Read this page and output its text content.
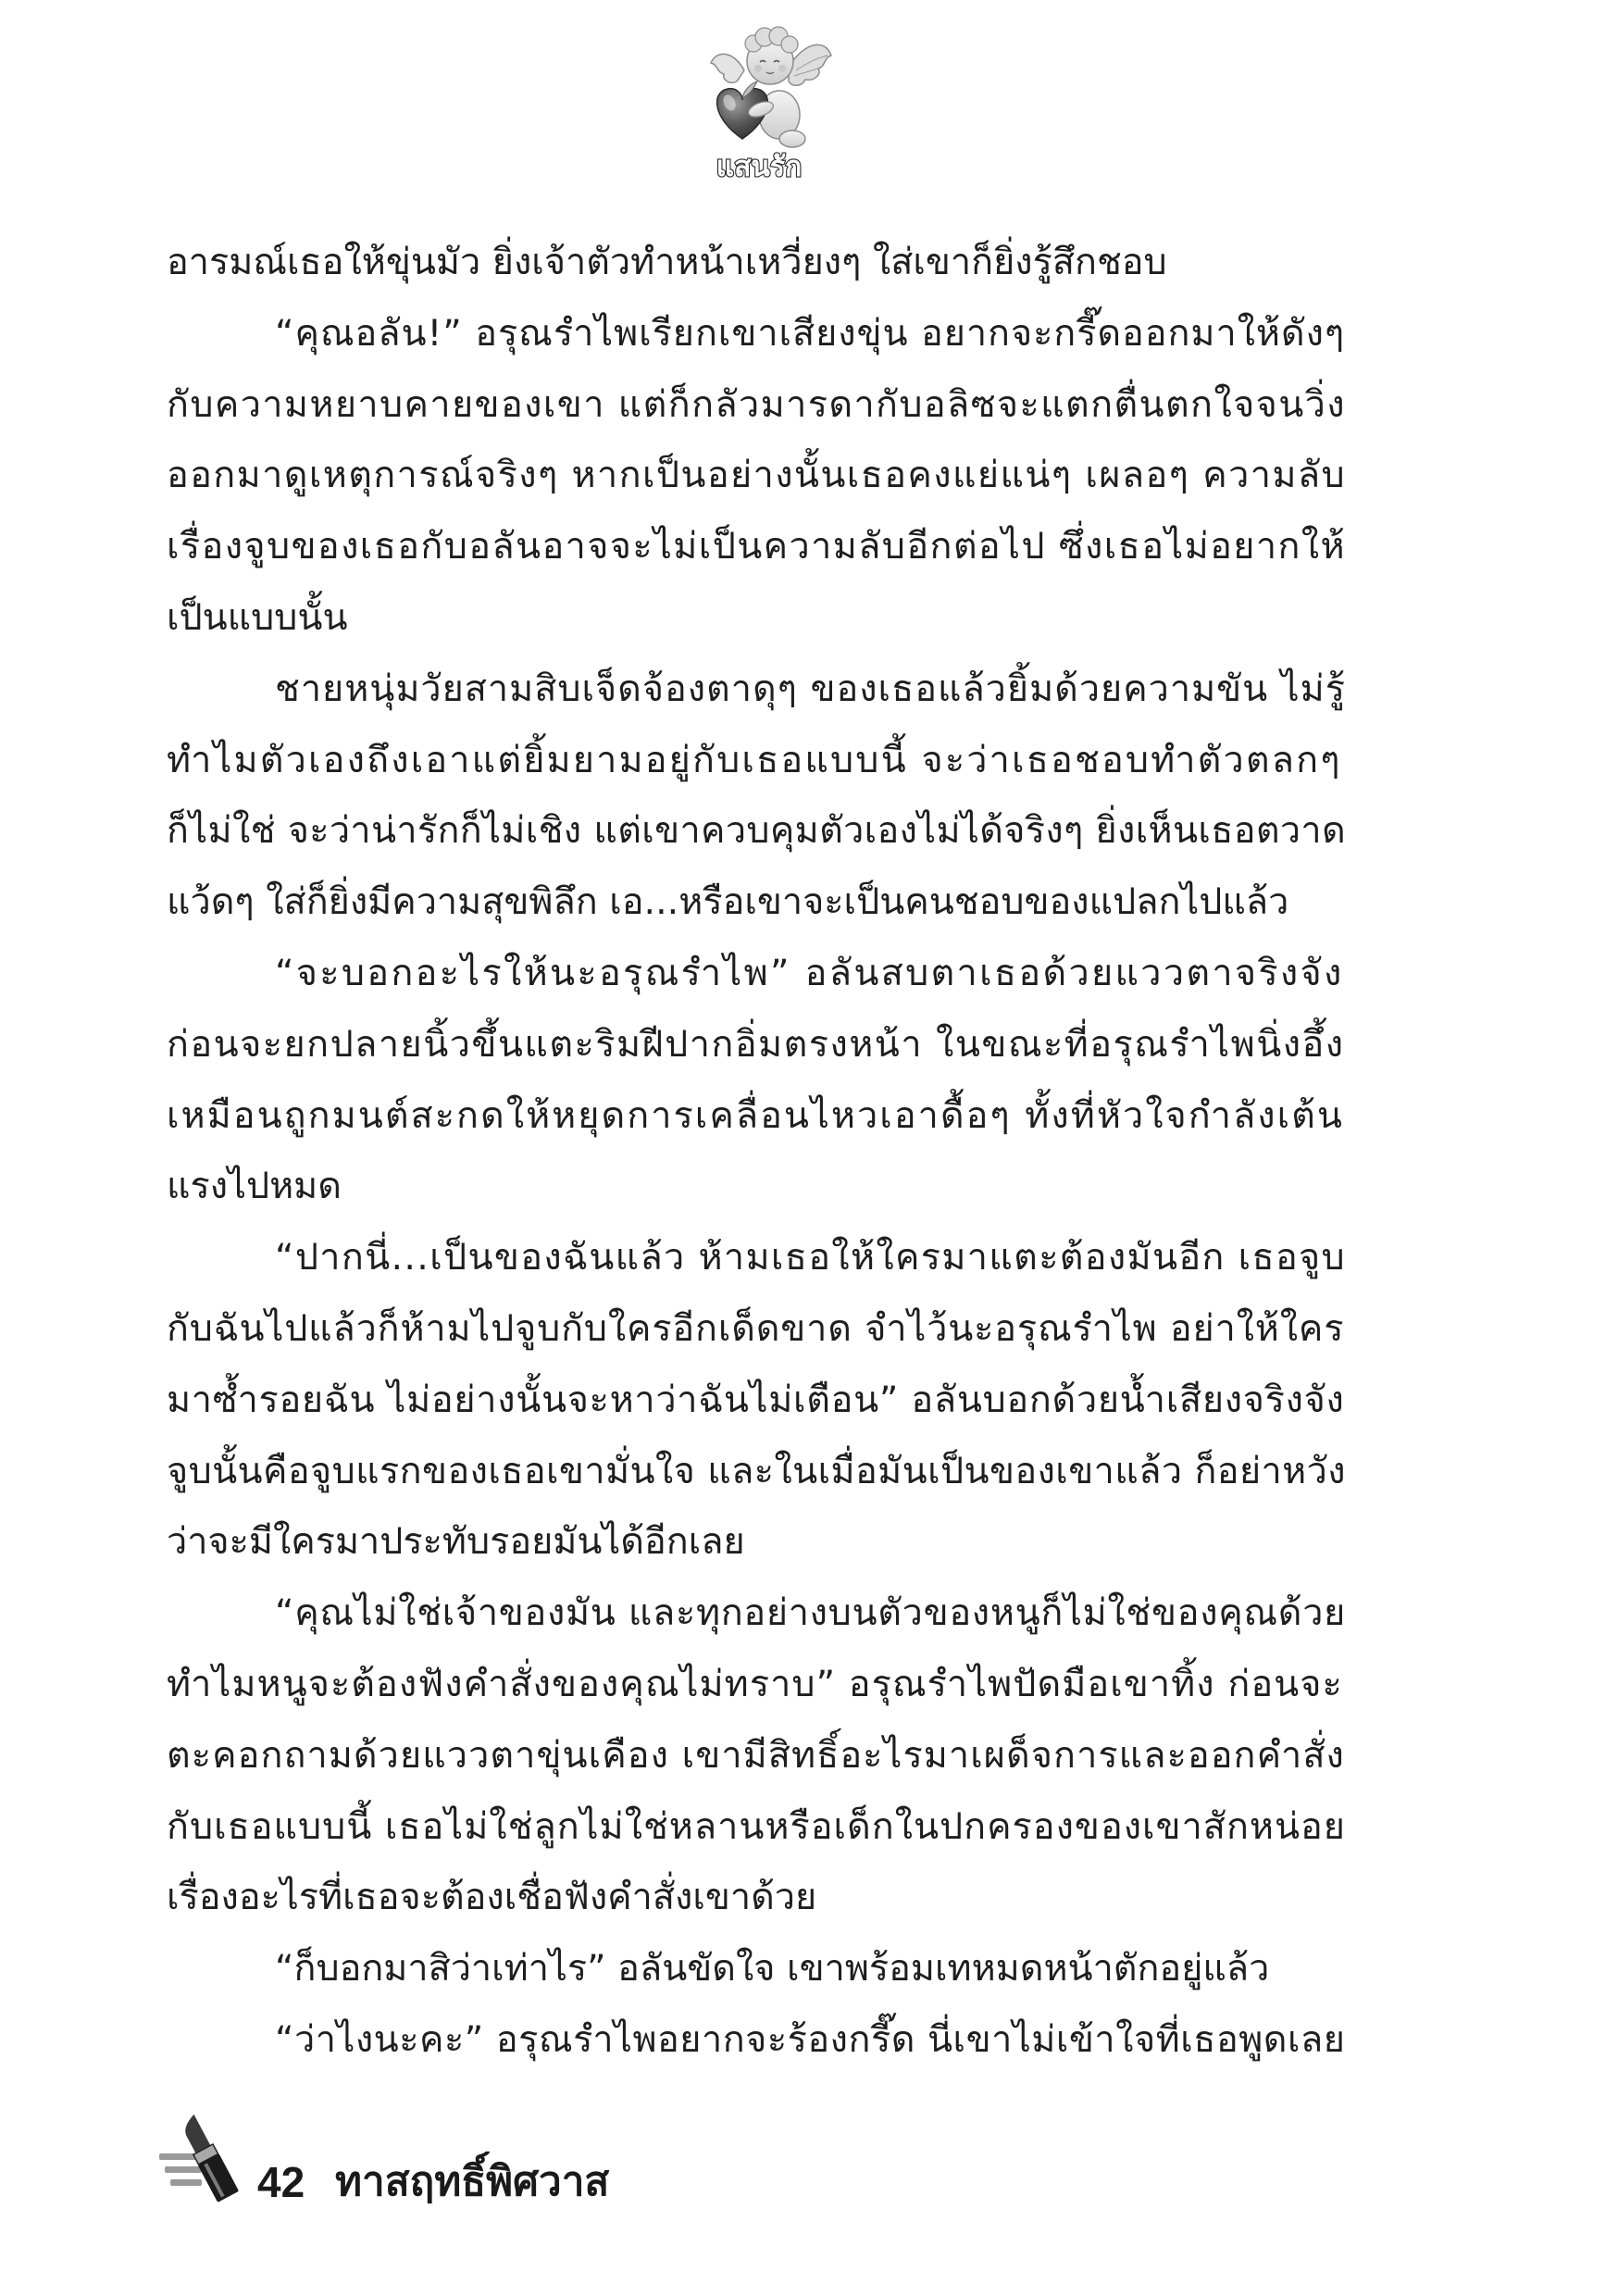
แสนรัก
อารมณ์เธอให้ขุ่นมัว ยิ่งเจ้าตัวทำหน้าเหวี่ยงๆ ใส่เขาก็ยิ่งรู้สึกชอบ
“คุณอลัน!” อรุณรำไพเรียกเขาเสียงขุ่น อยากจะกรี๊ดออกมาให้ดังๆ
กับความหยาบคายของเขา แต่ก็กลัวมารดากับอลิซจะแตกตื่นตกใจจนวิ่ง
ออกมาดูเหตุการณ์จริงๆ หากเป็นอย่างนั้นเธอคงแย่แน่ๆ เผลอๆ ความลับ
เรื่องจูบของเธอกับอลันอาจจะไม่เป็นความลับอีกต่อไป ซึ่งเธอไม่อยากให้
เป็นแบบนั้น
ชายหนุ่มวัยสามสิบเจ็ดจ้องตาดุๆ ของเธอแล้วยิ้มด้วยความขัน ไม่รู้
ทำไมตัวเองถึงเอาแต่ยิ้มยามอยู่กับเธอแบบนี้ จะว่าเธอชอบทำตัวตลกๆ
ก็ไม่ใช่ จะว่าน่ารักก็ไม่เชิง แต่เขาควบคุมตัวเองไม่ได้จริงๆ ยิ่งเห็นเธอตวาด
แว้ดๆ ใส่ก็ยิ่งมีความสุขพิลึก เอ...หรือเขาจะเป็นคนชอบของแปลกไปแล้ว
“จะบอกอะไรให้นะอรุณรำไพ” อลันสบตาเธอด้วยแววตาจริงจัง
ก่อนจะยกปลายนิ้วขึ้นแตะริมฝีปากอิ่มตรงหน้า ในขณะที่อรุณรำไพนิ่งอึ้ง
เหมือนถูกมนต์สะกดให้หยุดการเคลื่อนไหวเอาดื้อๆ ทั้งที่หัวใจกำลังเต้น
แรงไปหมด
“ปากนี่...เป็นของฉันแล้ว ห้ามเธอให้ใครมาแตะต้องมันอีก เธอจูบ
กับฉันไปแล้วก็ห้ามไปจูบกับใครอีกเด็ดขาด จำไว้นะอรุณรำไพ อย่าให้ใคร
มาซ้ำรอยฉัน ไม่อย่างนั้นจะหาว่าฉันไม่เตือน” อลันบอกด้วยน้ำเสียงจริงจัง
จูบนั้นคือจูบแรกของเธอเขามั่นใจ และในเมื่อมันเป็นของเขาแล้ว ก็อย่าหวัง
ว่าจะมีใครมาประทับรอยมันได้อีกเลย
“คุณไม่ใช่เจ้าของมัน และทุกอย่างบนตัวของหนูก็ไม่ใช่ของคุณด้วย
ทำไมหนูจะต้องฟังคำสั่งของคุณไม่ทราบ” อรุณรำไพปัดมือเขาทิ้ง ก่อนจะ
ตะคอกถามด้วยแววตาขุ่นเคือง เขามีสิทธิ์อะไรมาเผด็จการและออกคำสั่ง
กับเธอแบบนี้ เธอไม่ใช่ลูกไม่ใช่หลานหรือเด็กในปกครองของเขาสักหน่อย
เรื่องอะไรที่เธอจะต้องเชื่อฟังคำสั่งเขาด้วย
“ก็บอกมาสิว่าเท่าไร” อลันขัดใจ เขาพร้อมเทหมดหน้าตักอยู่แล้ว
“ว่าไงนะคะ” อรุณรำไพอยากจะร้องกรี๊ด นี่เขาไม่เข้าใจที่เธอพูดเลย
42 ทาสฤทธิ์พิศวาส
